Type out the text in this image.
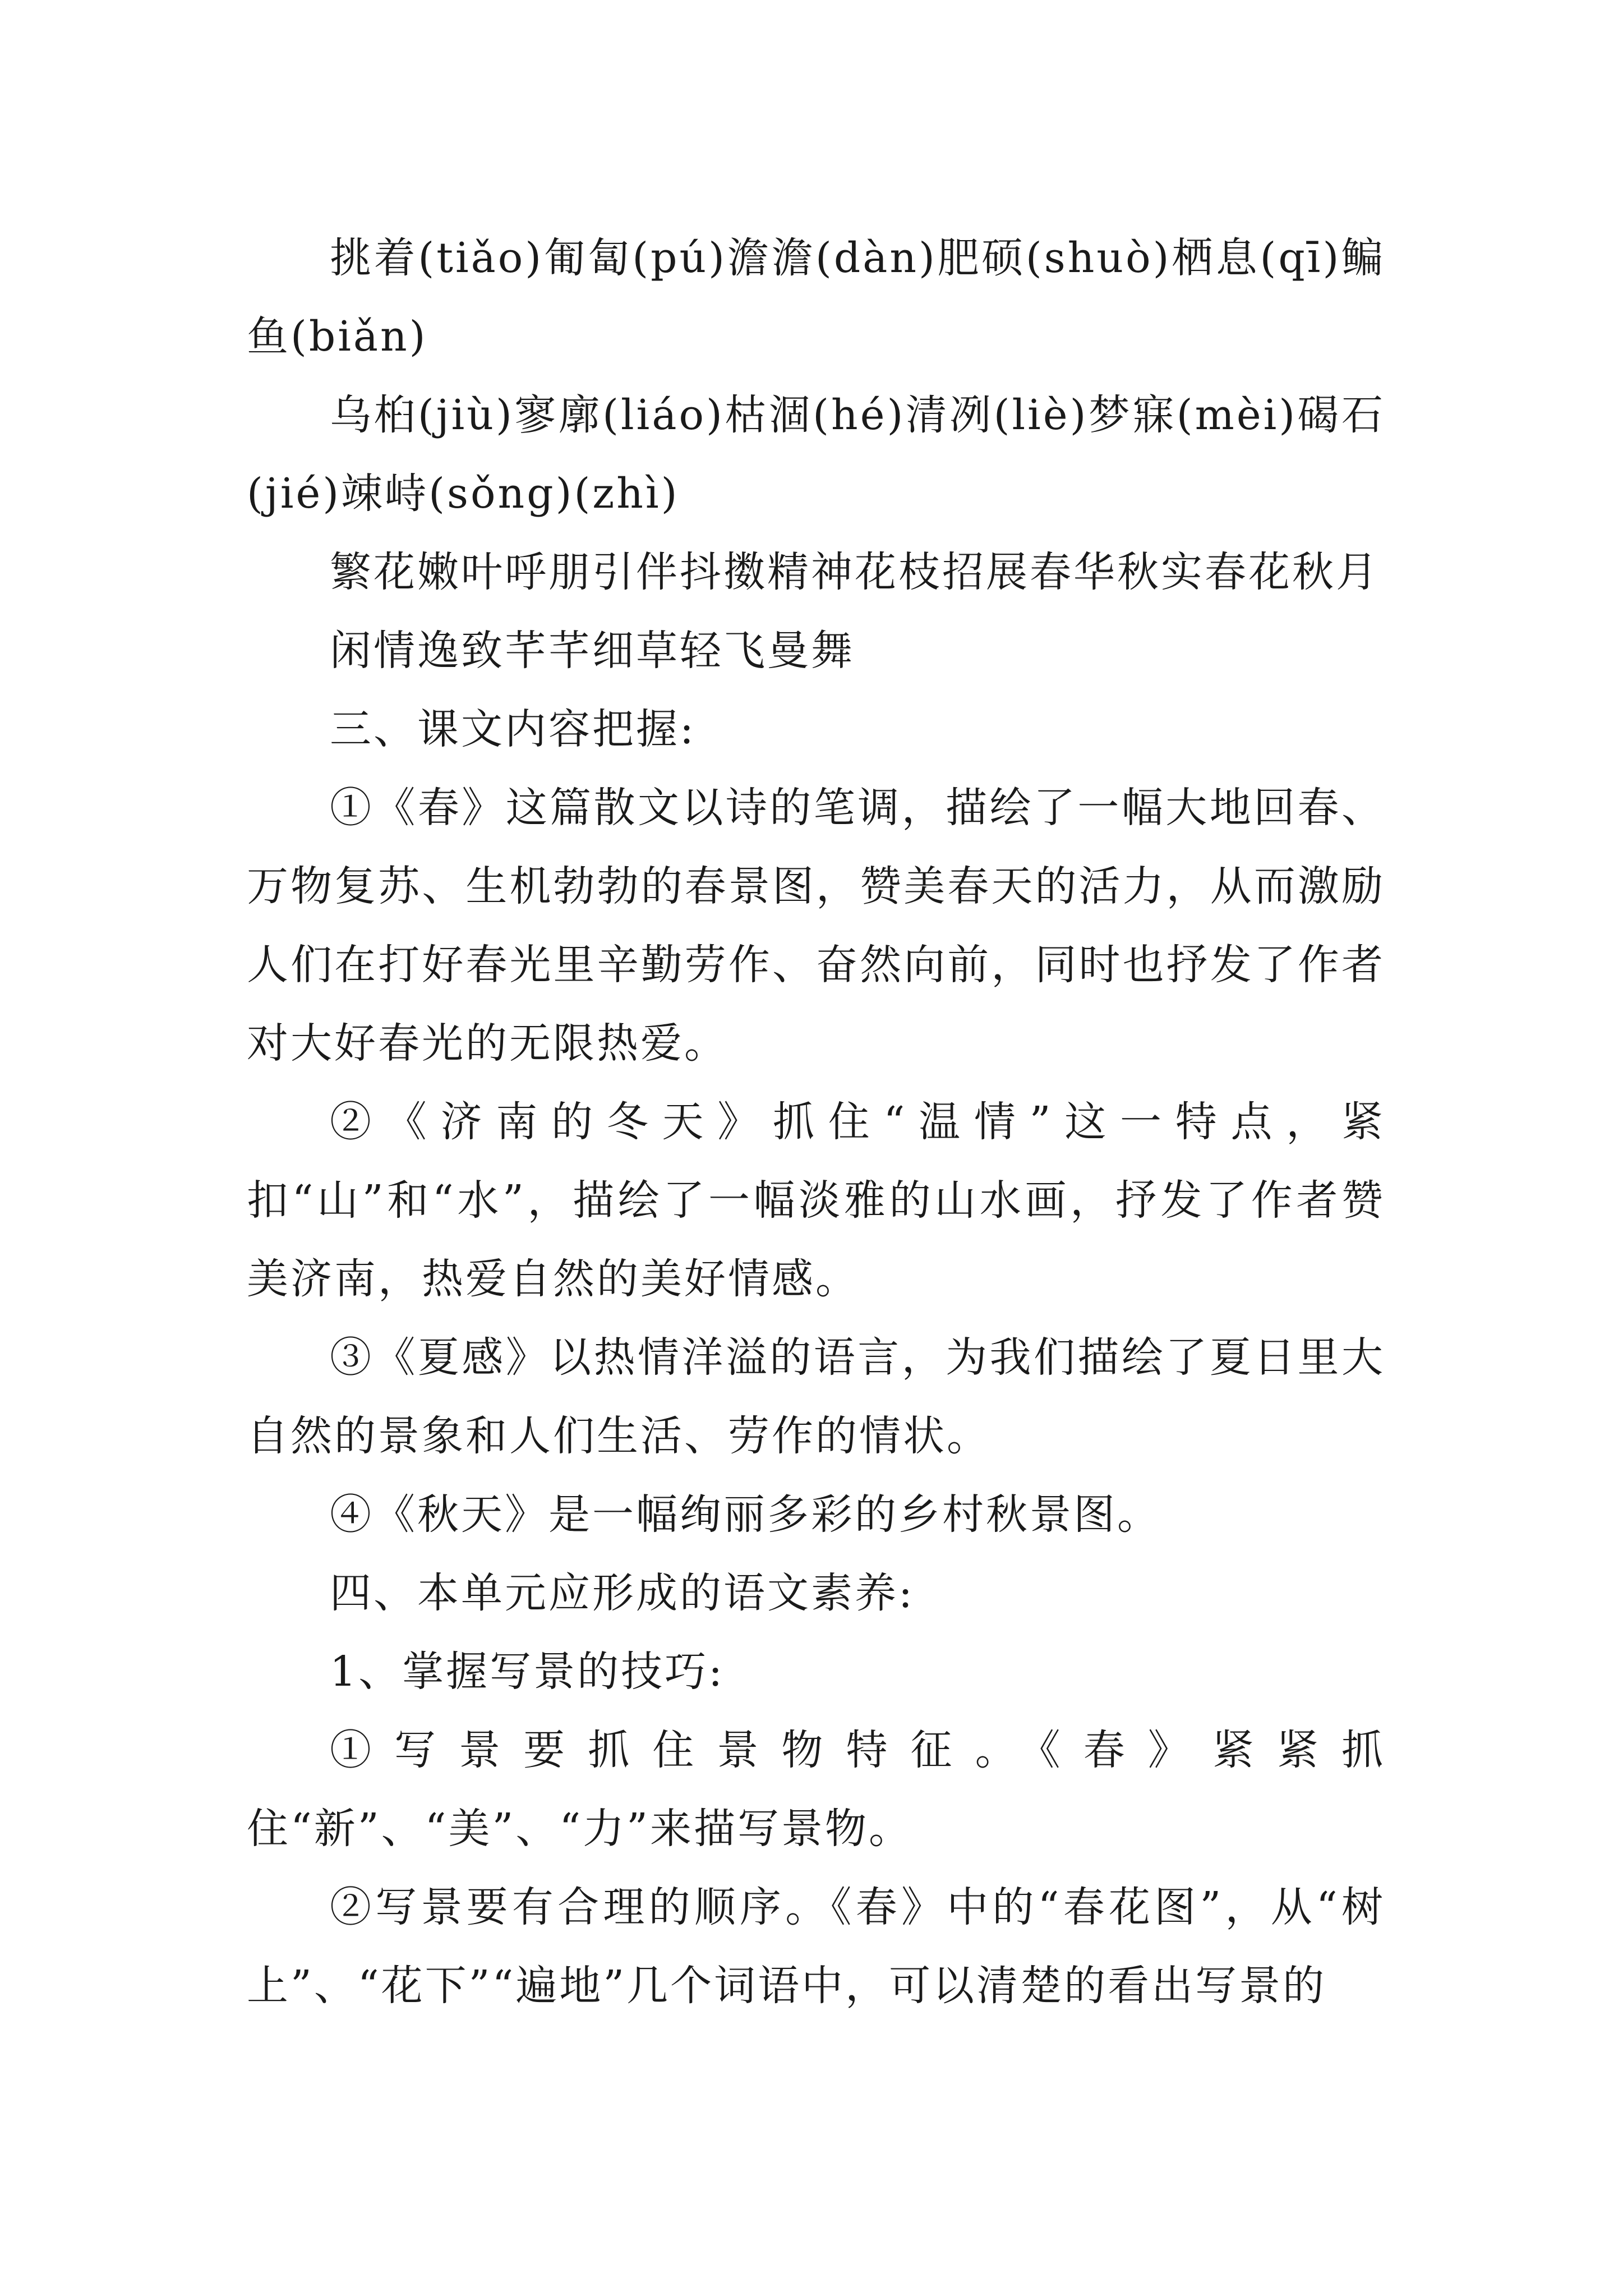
挑着(tiǎo)匍匐(pú)澹澹(dàn)肥硕(shuò)栖息(qī)鳊鱼(biǎn)

乌桕(jiù)寥廓(liáo)枯涸(hé)清冽(liè)梦寐(mèi)碣石(jié)竦峙(sǒng)(zhì)

繁花嫩叶呼朋引伴抖擞精神花枝招展春华秋实春花秋月

闲情逸致芊芊细草轻飞曼舞

三、课文内容把握:

①《春》这篇散文以诗的笔调，描绘了一幅大地回春、万物复苏、生机勃勃的春景图，赞美春天的活力，从而激励人们在打好春光里辛勤劳作、奋然向前，同时也抒发了作者对大好春光的无限热爱。

②《济南的冬天》抓住“温情”这一特点，紧扣“山”和“水”，描绘了一幅淡雅的山水画，抒发了作者赞美济南，热爱自然的美好情感。

③《夏感》以热情洋溢的语言，为我们描绘了夏日里大自然的景象和人们生活、劳作的情状。

④《秋天》是一幅绚丽多彩的乡村秋景图。

四、本单元应形成的语文素养:

1、掌握写景的技巧:

①写景要抓住景物特征。《春》紧紧抓住“新”、“美”、“力”来描写景物。

②写景要有合理的顺序。《春》中的“春花图”，从“树上”、“花下”“遍地”几个词语中，可以清楚的看出写景的
